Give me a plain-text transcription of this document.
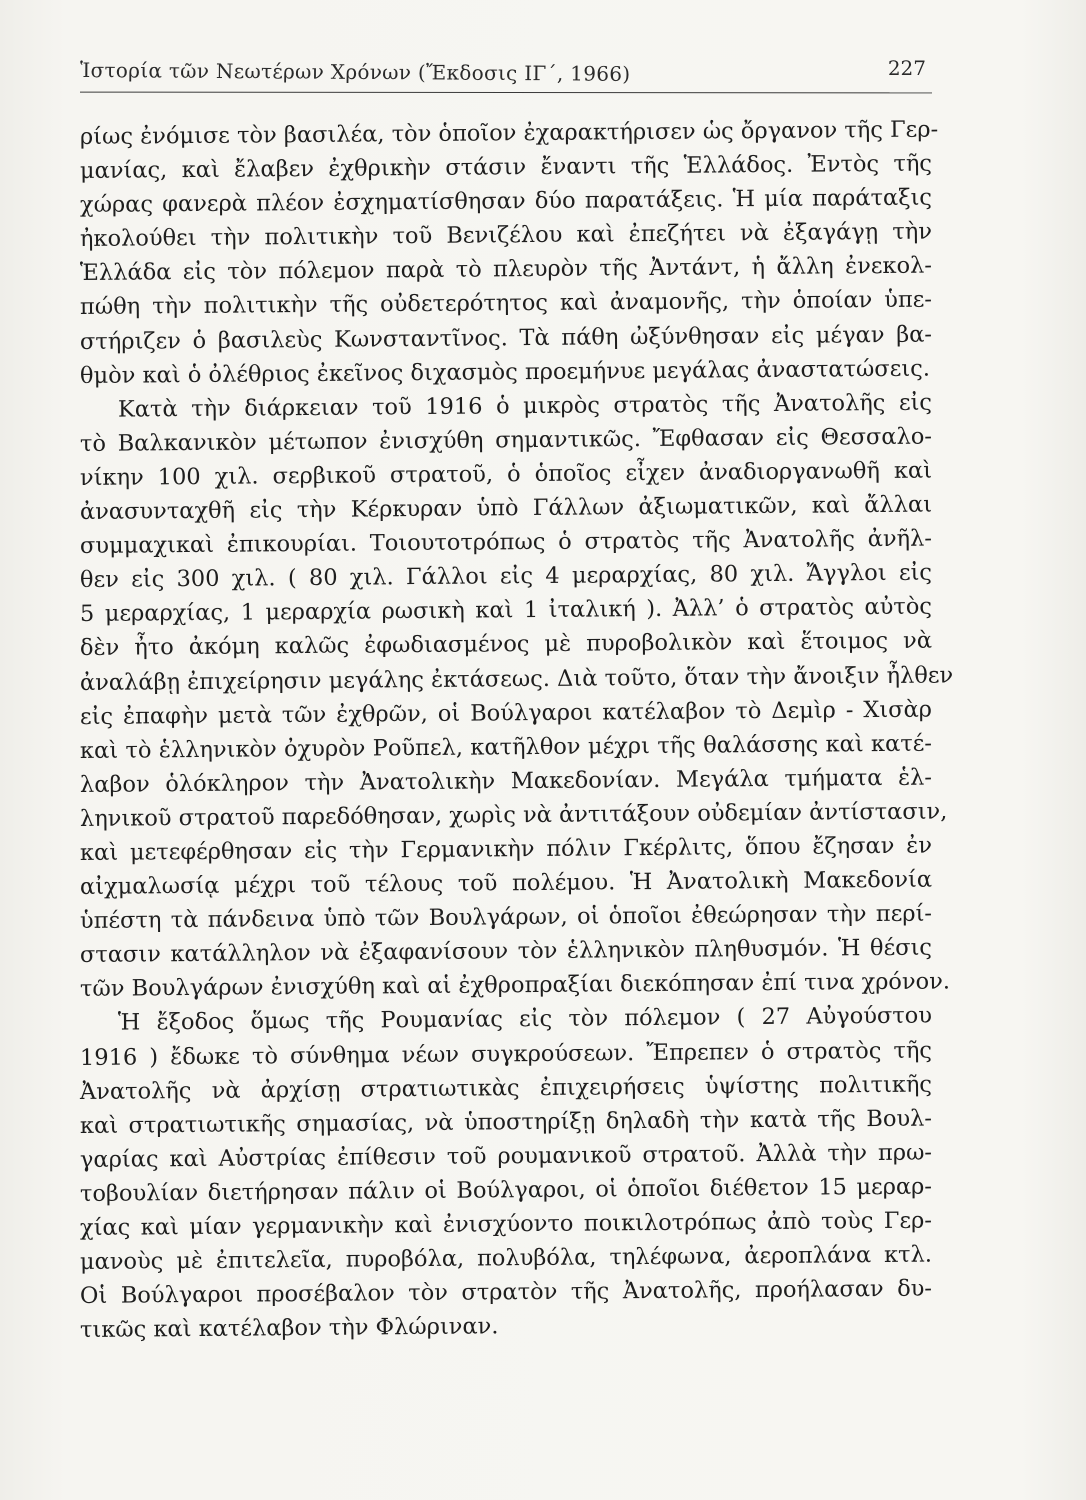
Ἱστορία τῶν Νεωτέρων Χρόνων (Ἔκδοσις ΙΓ΄, 1966)	227
ρίως ἐνόμισε τὸν βασιλέα, τὸν ὁποῖον ἐχαρακτήρισεν ὡς ὄργανον τῆς Γερ-
μανίας, καὶ ἔλαβεν ἐχθρικὴν στάσιν ἔναντι τῆς Ἑλλάδος. Ἐντὸς τῆς
χώρας φανερὰ πλέον ἐσχηματίσθησαν δύο παρατάξεις. Ἡ μία παράταξις
ἠκολούθει τὴν πολιτικὴν τοῦ Βενιζέλου καὶ ἐπεζήτει νὰ ἐξαγάγῃ τὴν
Ἑλλάδα εἰς τὸν πόλεμον παρὰ τὸ πλευρὸν τῆς Ἀντάντ, ἡ ἄλλη ἐνεκολ-
πώθη τὴν πολιτικὴν τῆς οὐδετερότητος καὶ ἀναμονῆς, τὴν ὁποίαν ὑπε-
στήριζεν ὁ βασιλεὺς Κωνσταντῖνος. Τὰ πάθη ὠξύνθησαν εἰς μέγαν βα-
θμὸν καὶ ὁ ὀλέθριος ἐκεῖνος διχασμὸς προεμήνυε μεγάλας ἀναστατώσεις.
Κατὰ τὴν διάρκειαν τοῦ 1916 ὁ μικρὸς στρατὸς τῆς Ἀνατολῆς εἰς
τὸ Βαλκανικὸν μέτωπον ἐνισχύθη σημαντικῶς. Ἔφθασαν εἰς Θεσσαλο-
νίκην 100 χιλ. σερβικοῦ στρατοῦ, ὁ ὁποῖος εἶχεν ἀναδιοργανωθῆ καὶ
ἀνασυνταχθῆ εἰς τὴν Κέρκυραν ὑπὸ Γάλλων ἀξιωματικῶν, καὶ ἄλλαι
συμμαχικαὶ ἐπικουρίαι. Τοιουτοτρόπως ὁ στρατὸς τῆς Ἀνατολῆς ἀνῆλ-
θεν εἰς 300 χιλ. ( 80 χιλ. Γάλλοι εἰς 4 μεραρχίας, 80 χιλ. Ἄγγλοι εἰς
5 μεραρχίας, 1 μεραρχία ρωσικὴ καὶ 1 ἰταλική ). Ἀλλ’ ὁ στρατὸς αὐτὸς
δὲν ἦτο ἀκόμη καλῶς ἐφωδιασμένος μὲ πυροβολικὸν καὶ ἕτοιμος νὰ
ἀναλάβῃ ἐπιχείρησιν μεγάλης ἐκτάσεως. Διὰ τοῦτο, ὅταν τὴν ἄνοιξιν ἦλθεν
εἰς ἐπαφὴν μετὰ τῶν ἐχθρῶν, οἱ Βούλγαροι κατέλαβον τὸ Δεμὶρ - Χισὰρ
καὶ τὸ ἑλληνικὸν ὀχυρὸν Ροῦπελ, κατῆλθον μέχρι τῆς θαλάσσης καὶ κατέ-
λαβον ὁλόκληρον τὴν Ἀνατολικὴν Μακεδονίαν. Μεγάλα τμήματα ἑλ-
ληνικοῦ στρατοῦ παρεδόθησαν, χωρὶς νὰ ἀντιτάξουν οὐδεμίαν ἀντίστασιν,
καὶ μετεφέρθησαν εἰς τὴν Γερμανικὴν πόλιν Γκέρλιτς, ὅπου ἔζησαν ἐν
αἰχμαλωσίᾳ μέχρι τοῦ τέλους τοῦ πολέμου. Ἡ Ἀνατολικὴ Μακεδονία
ὑπέστη τὰ πάνδεινα ὑπὸ τῶν Βουλγάρων, οἱ ὁποῖοι ἐθεώρησαν τὴν περί-
στασιν κατάλληλον νὰ ἐξαφανίσουν τὸν ἑλληνικὸν πληθυσμόν. Ἡ θέσις
τῶν Βουλγάρων ἐνισχύθη καὶ αἱ ἐχθροπραξίαι διεκόπησαν ἐπί τινα χρόνον.
Ἡ ἔξοδος ὅμως τῆς Ρουμανίας εἰς τὸν πόλεμον ( 27 Αὐγούστου
1916 ) ἔδωκε τὸ σύνθημα νέων συγκρούσεων. Ἔπρεπεν ὁ στρατὸς τῆς
Ἀνατολῆς νὰ ἀρχίσῃ στρατιωτικὰς ἐπιχειρήσεις ὑψίστης πολιτικῆς
καὶ στρατιωτικῆς σημασίας, νὰ ὑποστηρίξῃ δηλαδὴ τὴν κατὰ τῆς Βουλ-
γαρίας καὶ Αὐστρίας ἐπίθεσιν τοῦ ρουμανικοῦ στρατοῦ. Ἀλλὰ τὴν πρω-
τοβουλίαν διετήρησαν πάλιν οἱ Βούλγαροι, οἱ ὁποῖοι διέθετον 15 μεραρ-
χίας καὶ μίαν γερμανικὴν καὶ ἐνισχύοντο ποικιλοτρόπως ἀπὸ τοὺς Γερ-
μανοὺς μὲ ἐπιτελεῖα, πυροβόλα, πολυβόλα, τηλέφωνα, ἀεροπλάνα κτλ.
Οἱ Βούλγαροι προσέβαλον τὸν στρατὸν τῆς Ἀνατολῆς, προήλασαν δυ-
τικῶς καὶ κατέλαβον τὴν Φλώριναν.
